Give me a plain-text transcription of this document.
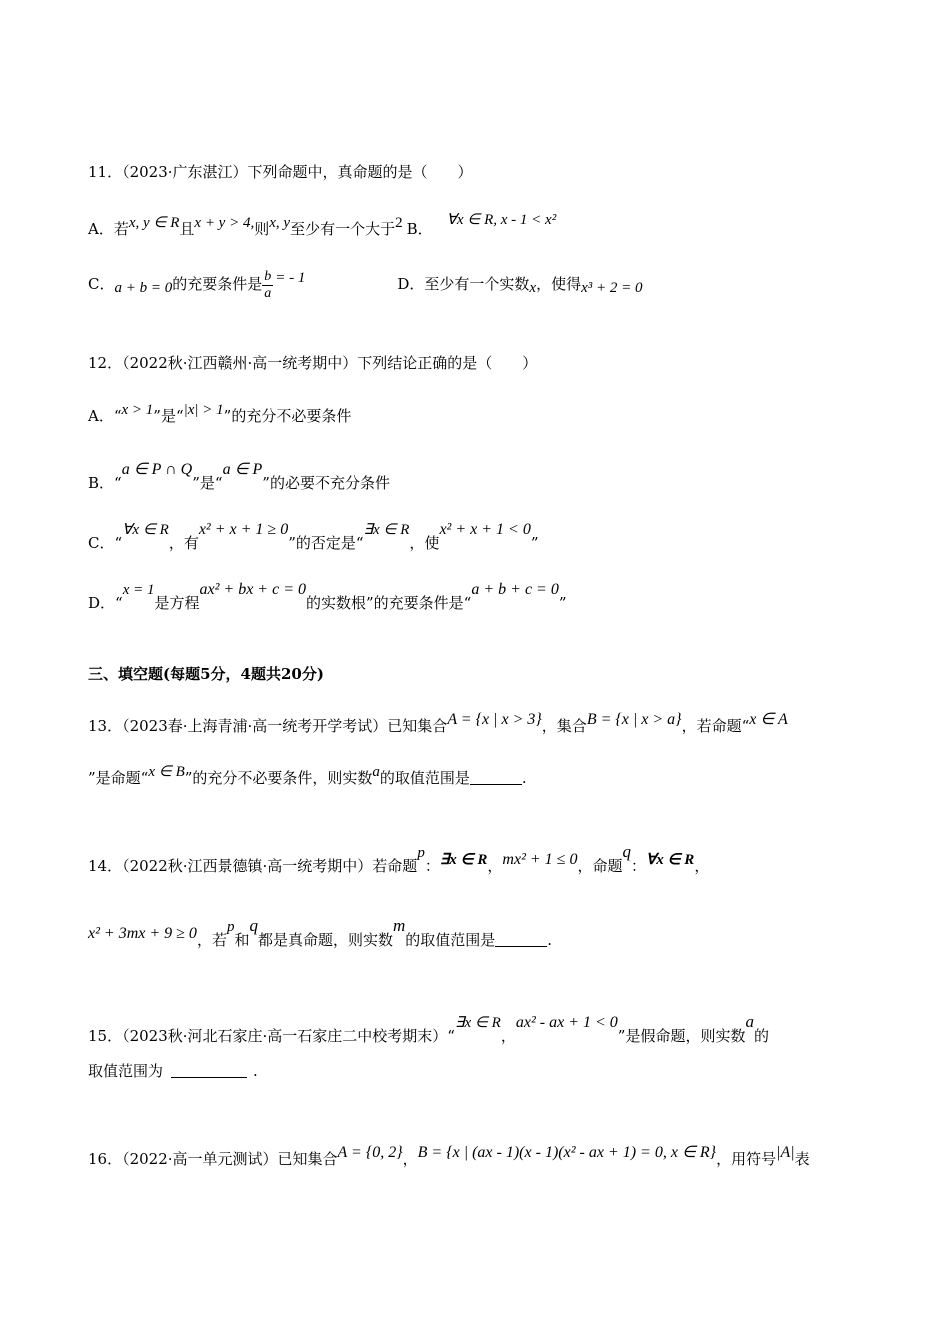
11．（2023·广东湛江）下列命题中，真命题的是（　　）
A．若x, y ∈ R且x + y > 4,则x, y至少有一个大于2 B． ∀x ∈ R, x - 1 < x²
C．a + b = 0的充要条件是 $\frac{b}{a}$ = - 1	D．至少有一个实数x，使得x³ + 2 = 0
12．（2022秋·江西赣州·高一统考期中）下列结论正确的是（　　）
A．“x > 1”是“|x| > 1”的充分不必要条件
B．“a ∈ P ∩ Q”是“a ∈ P”的必要不充分条件
C．“∀x ∈ R，有x² + x + 1 ≥ 0”的否定是“∃x ∈ R，使x² + x + 1 < 0”
D．“x = 1是方程ax² + bx + c = 0的实数根”的充要条件是“a + b + c = 0”
三、填空题(每题5分，4题共20分)
13．（2023春·上海青浦·高一统考开学考试）已知集合A = {x | x > 3}，集合B = {x | x > a}，若命题“x ∈ A
”是命题“x ∈ B”的充分不必要条件，则实数a的取值范围是	.
14．（2022秋·江西景德镇·高一统考期中）若命题p：∃x ∈ R，mx² + 1 ≤ 0，命题q：∀x ∈ R，
x² + 3mx + 9 ≥ 0，若p和q都是真命题，则实数m的取值范围是	.
15．（2023秋·河北石家庄·高一石家庄二中校考期末）“∃x ∈ R，ax² - ax + 1 < 0”是假命题，则实数a的
取值范围为	.
16．（2022·高一单元测试）已知集合A = {0, 2}，B = {x | (ax - 1)(x - 1)(x² - ax + 1) = 0, x ∈ R}，用符号|A|表
